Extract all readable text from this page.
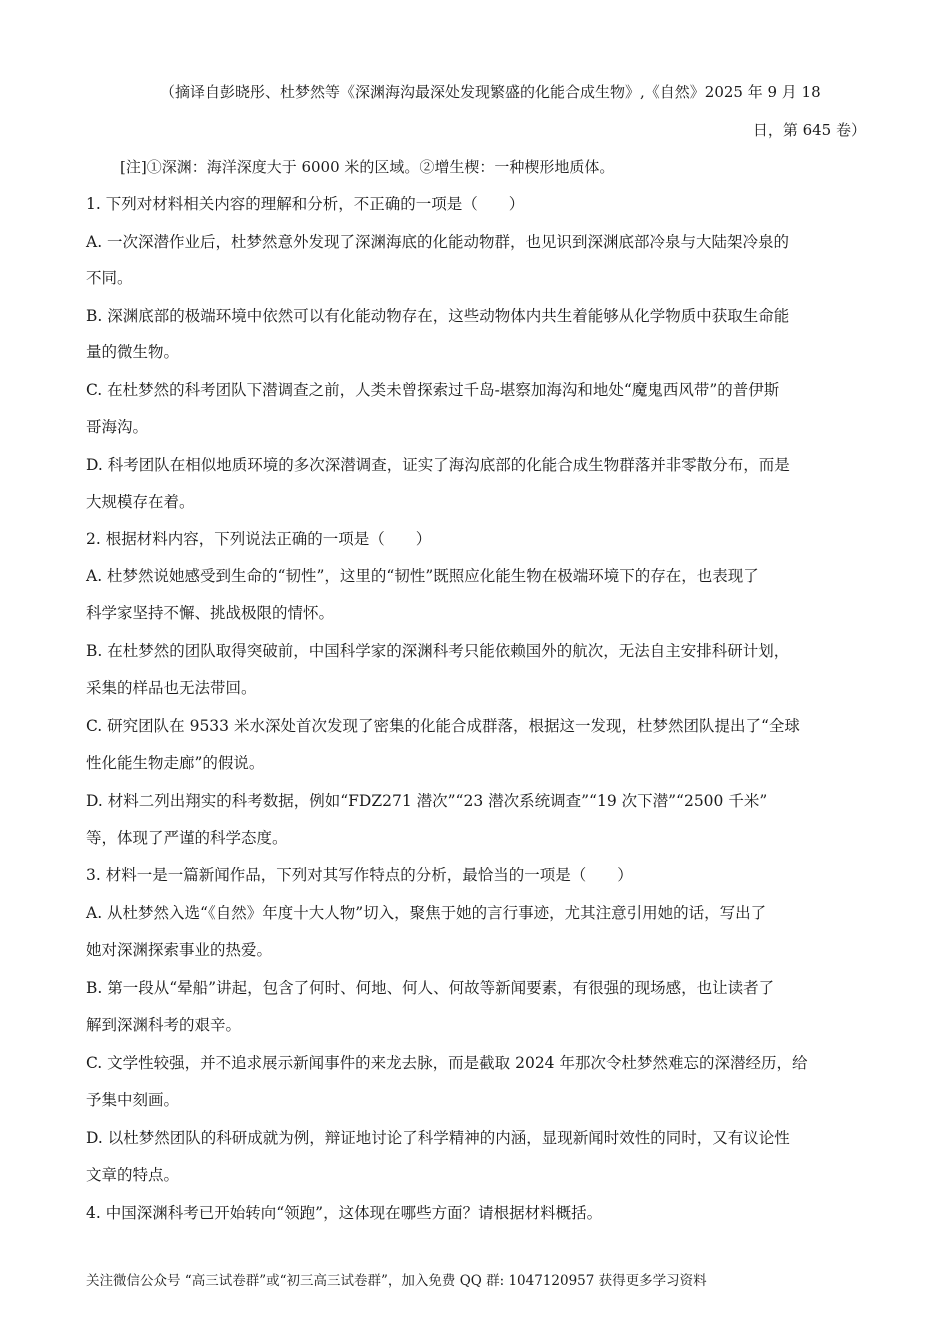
（摘译自彭晓彤、杜梦然等《深渊海沟最深处发现繁盛的化能合成生物》,《自然》2025 年 9 月 18
日，第 645 卷）
[注]①深渊：海洋深度大于 6000 米的区域。②增生楔：一种楔形地质体。
1. 下列对材料相关内容的理解和分析，不正确的一项是（　　）
A. 一次深潜作业后，杜梦然意外发现了深渊海底的化能动物群，也见识到深渊底部冷泉与大陆架冷泉的
不同。
B. 深渊底部的极端环境中依然可以有化能动物存在，这些动物体内共生着能够从化学物质中获取生命能
量的微生物。
C. 在杜梦然的科考团队下潜调查之前，人类未曾探索过千岛-堪察加海沟和地处“魔鬼西风带”的普伊斯
哥海沟。
D. 科考团队在相似地质环境的多次深潜调查，证实了海沟底部的化能合成生物群落并非零散分布，而是
大规模存在着。
2. 根据材料内容，下列说法正确的一项是（　　）
A. 杜梦然说她感受到生命的“韧性”，这里的“韧性”既照应化能生物在极端环境下的存在，也表现了
科学家坚持不懈、挑战极限的情怀。
B. 在杜梦然的团队取得突破前，中国科学家的深渊科考只能依赖国外的航次，无法自主安排科研计划，
采集的样品也无法带回。
C. 研究团队在 9533 米水深处首次发现了密集的化能合成群落，根据这一发现，杜梦然团队提出了“全球
性化能生物走廊”的假说。
D. 材料二列出翔实的科考数据，例如“FDZ271 潜次”“23 潜次系统调查”“19 次下潜”“2500 千米”
等，体现了严谨的科学态度。
3. 材料一是一篇新闻作品，下列对其写作特点的分析，最恰当的一项是（　　）
A. 从杜梦然入选“《自然》年度十大人物”切入，聚焦于她的言行事迹，尤其注意引用她的话，写出了
她对深渊探索事业的热爱。
B. 第一段从“晕船”讲起，包含了何时、何地、何人、何故等新闻要素，有很强的现场感，也让读者了
解到深渊科考的艰辛。
C. 文学性较强，并不追求展示新闻事件的来龙去脉，而是截取 2024 年那次令杜梦然难忘的深潜经历，给
予集中刻画。
D. 以杜梦然团队的科研成就为例，辩证地讨论了科学精神的内涵，显现新闻时效性的同时，又有议论性
文章的特点。
4. 中国深渊科考已开始转向“领跑”，这体现在哪些方面？请根据材料概括。
关注微信公众号 “高三试卷群”或“初三高三试卷群”，加入免费 QQ 群: 1047120957 获得更多学习资料
